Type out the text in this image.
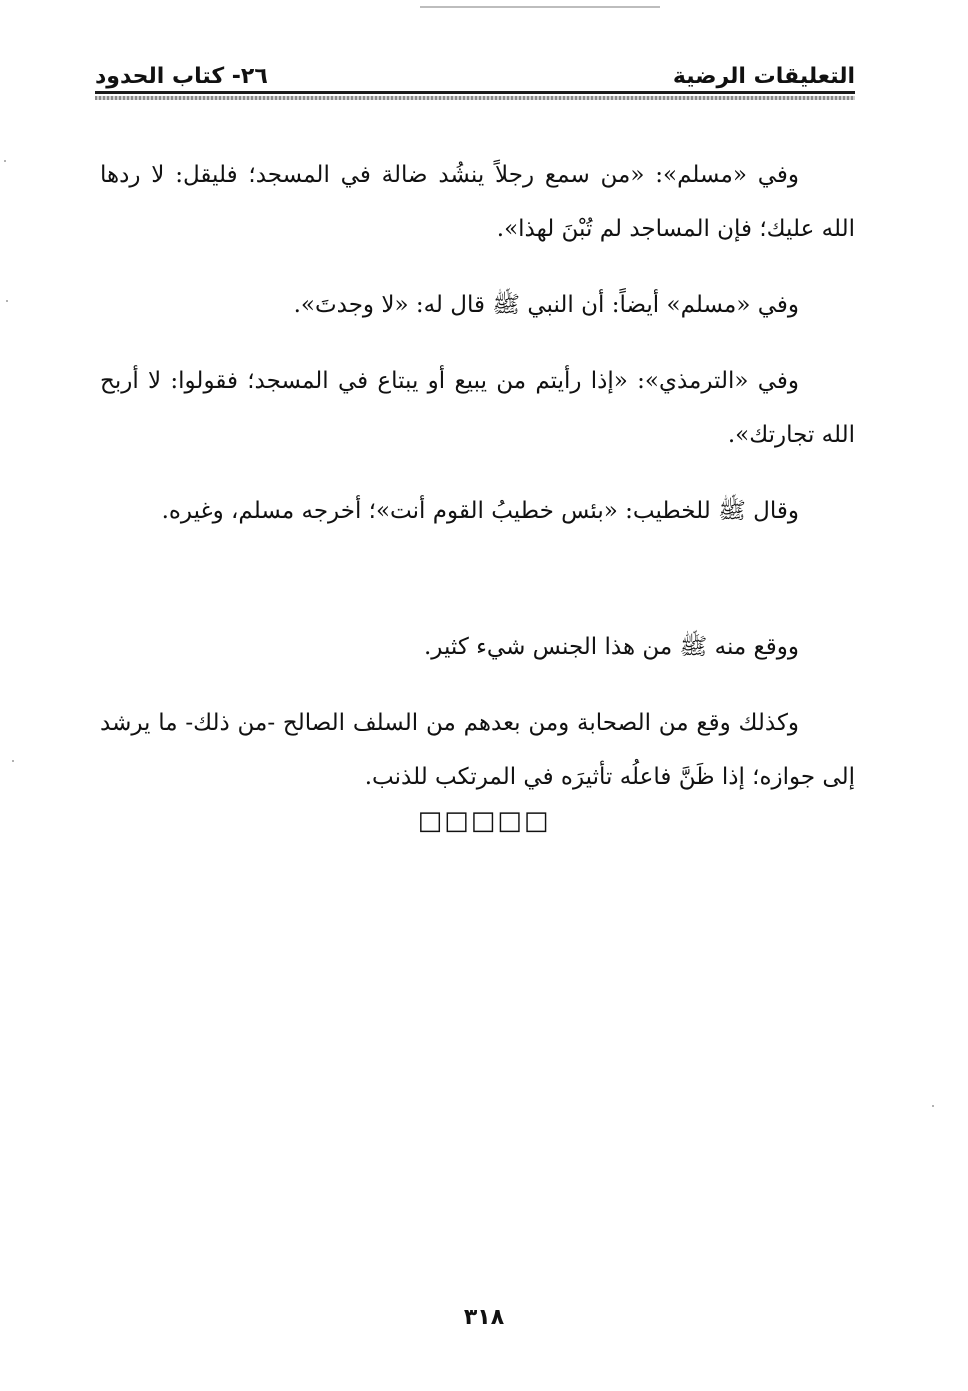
٢٦- كتاب الحدود	التعليقات الرضية

وفي «مسلم»: «من سمع رجلاً ينشُد ضالة في المسجد؛ فليقل: لا ردها الله عليك؛ فإن المساجد لم تُبْنَ لهذا».

وفي «مسلم» أيضاً: أن النبي ﷺ قال له: «لا وجدتَ».

وفي «الترمذي»: «إذا رأيتم من يبيع أو يبتاع في المسجد؛ فقولوا: لا أربح الله تجارتك».

وقال ﷺ للخطيب: «بئس خطيبُ القوم أنت»؛ أخرجه مسلم، وغيره.

ووقع منه ﷺ من هذا الجنس شيء كثير.

وكذلك وقع من الصحابة ومن بعدهم من السلف الصالح -من ذلك- ما يرشد إلى جوازه؛ إذا ظَنَّ فاعلُه تأثيرَه في المرتكب للذنب.

□□□□□
٣١٨
